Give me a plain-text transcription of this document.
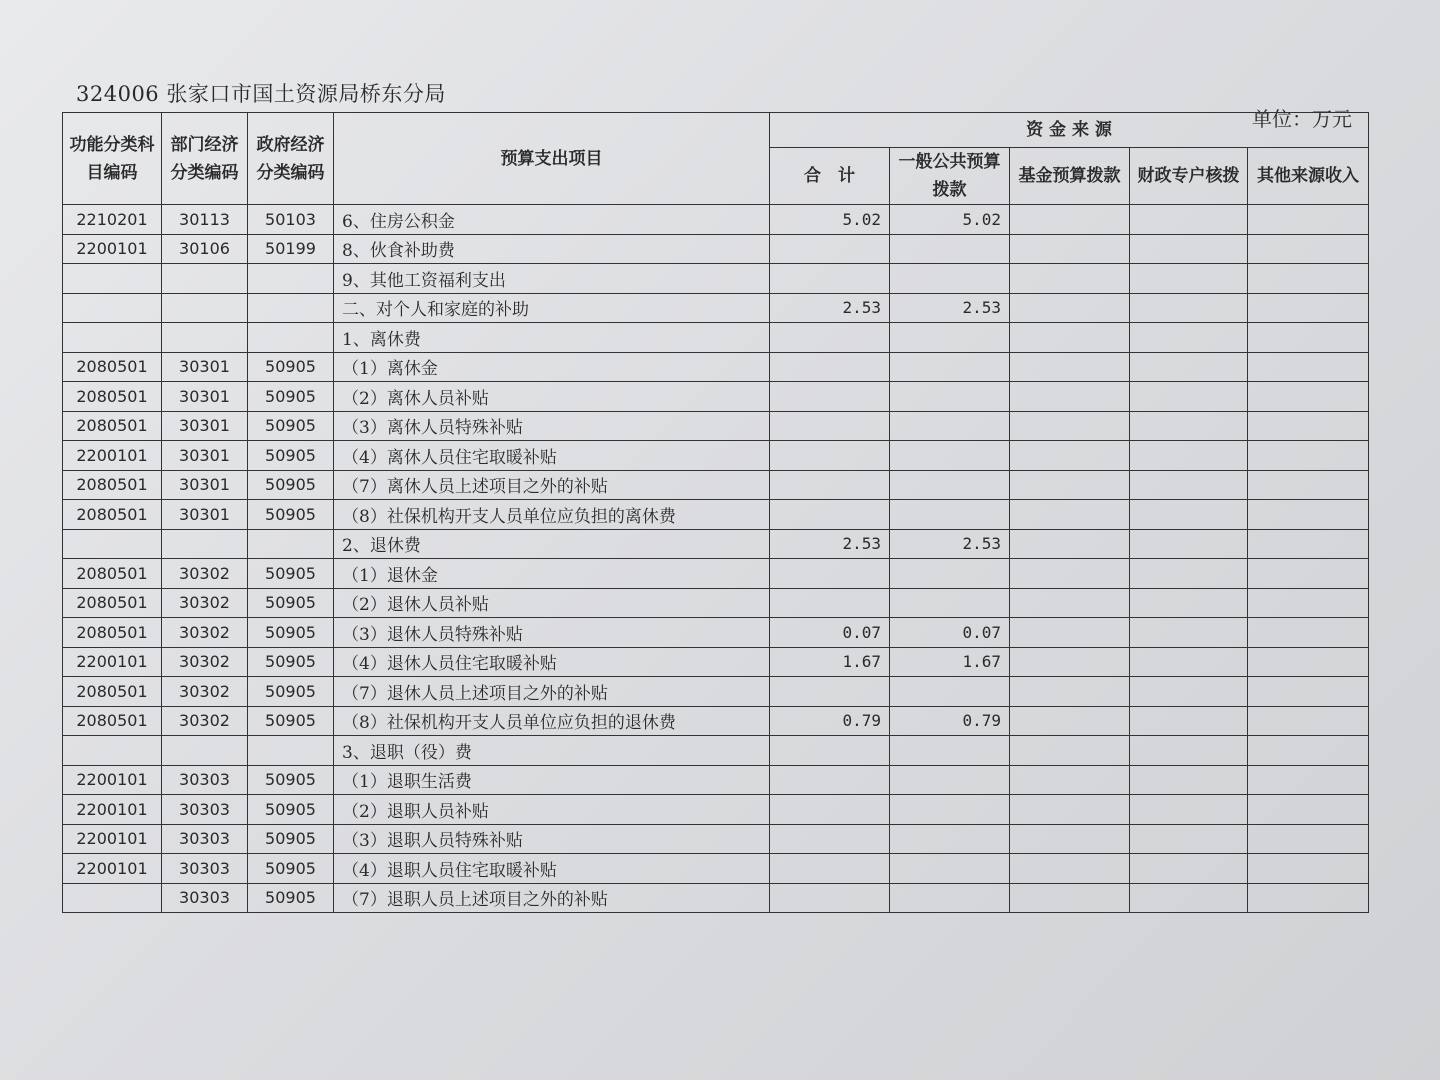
324006 张家口市国土资源局桥东分局
单位：万元
功能分类科目编码	部门经济分类编码	政府经济分类编码	预算支出项目	资 金 来 源				
				合　计	一般公共预算拨款	基金预算拨款	财政专户核拨	其他来源收入
2210201	30113	50103	6、住房公积金	5.02	5.02			
2200101	30106	50199	8、伙食补助费					
			9、其他工资福利支出					
			二、对个人和家庭的补助	2.53	2.53			
			1、离休费					
2080501	30301	50905	（1）离休金					
2080501	30301	50905	（2）离休人员补贴					
2080501	30301	50905	（3）离休人员特殊补贴					
2200101	30301	50905	（4）离休人员住宅取暖补贴					
2080501	30301	50905	（7）离休人员上述项目之外的补贴					
2080501	30301	50905	（8）社保机构开支人员单位应负担的离休费					
			2、退休费	2.53	2.53			
2080501	30302	50905	（1）退休金					
2080501	30302	50905	（2）退休人员补贴					
2080501	30302	50905	（3）退休人员特殊补贴	0.07	0.07			
2200101	30302	50905	（4）退休人员住宅取暖补贴	1.67	1.67			
2080501	30302	50905	（7）退休人员上述项目之外的补贴					
2080501	30302	50905	（8）社保机构开支人员单位应负担的退休费	0.79	0.79			
			3、退职（役）费					
2200101	30303	50905	（1）退职生活费					
2200101	30303	50905	（2）退职人员补贴					
2200101	30303	50905	（3）退职人员特殊补贴					
2200101	30303	50905	（4）退职人员住宅取暖补贴					
	30303	50905	（7）退职人员上述项目之外的补贴					
